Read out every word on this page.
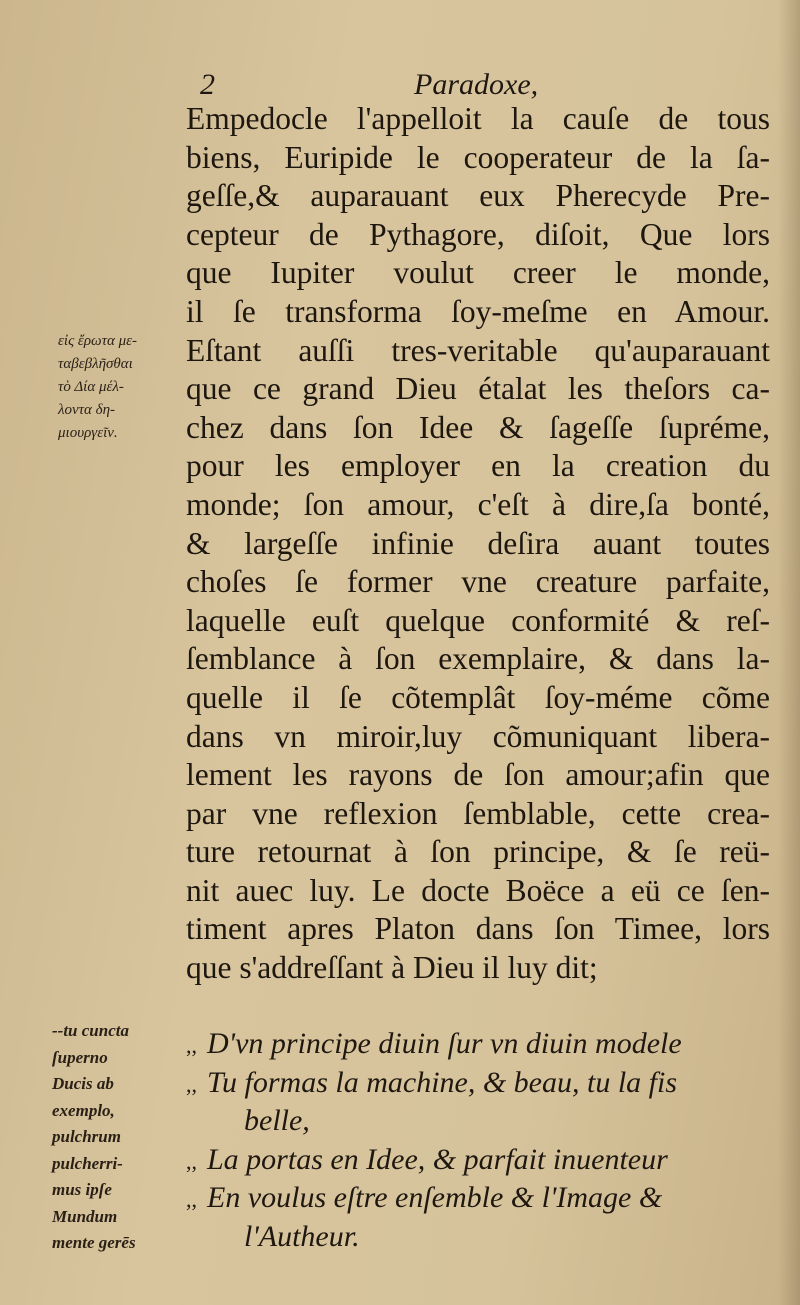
2	Paradoxe,
Empedocle l'appelloit la cauſe de tous
biens, Euripide le cooperateur de la ſa-
geſſe,& auparauant eux Pherecyde Pre-
cepteur de Pythagore, diſoit, Que lors
que Iupiter voulut creer le monde,
il ſe transforma ſoy-meſme en Amour.
Eſtant auſſi tres-veritable qu'auparauant
que ce grand Dieu étalat les theſors ca-
chez dans ſon Idee & ſageſſe ſupréme,
pour les employer en la creation du
monde; ſon amour, c'eſt à dire,ſa bonté,
& largeſſe infinie deſira auant toutes
choſes ſe former vne creature parfaite,
laquelle euſt quelque conformité & reſ-
ſemblance à ſon exemplaire, & dans la-
quelle il ſe cõtemplât ſoy-méme cõme
dans vn miroir,luy cõmuniquant libera-
lement les rayons de ſon amour;afin que
par vne reflexion ſemblable, cette crea-
ture retournat à ſon principe, & ſe reü-
nit auec luy. Le docte Boëce a eü ce ſen-
timent apres Platon dans ſon Timee, lors
que s'addreſſant à Dieu il luy dit;
,, D'vn principe diuin ſur vn diuin modele
,, Tu formas la machine, & beau, tu la fis
belle,
,, La portas en Idee, & parfait inuenteur
,, En voulus eſtre enſemble & l'Image &
l'Autheur.
εἰς ἔρωτα με-
ταβεβλῆσθαι
τὸ Δία μέλ-
λοντα δη-
μιουργεῖν.
--tu cuncta
ſuperno
Ducis ab
exemplo,
pulchrum
pulcherri-
mus ipſe
Mundum
mente gerēs
